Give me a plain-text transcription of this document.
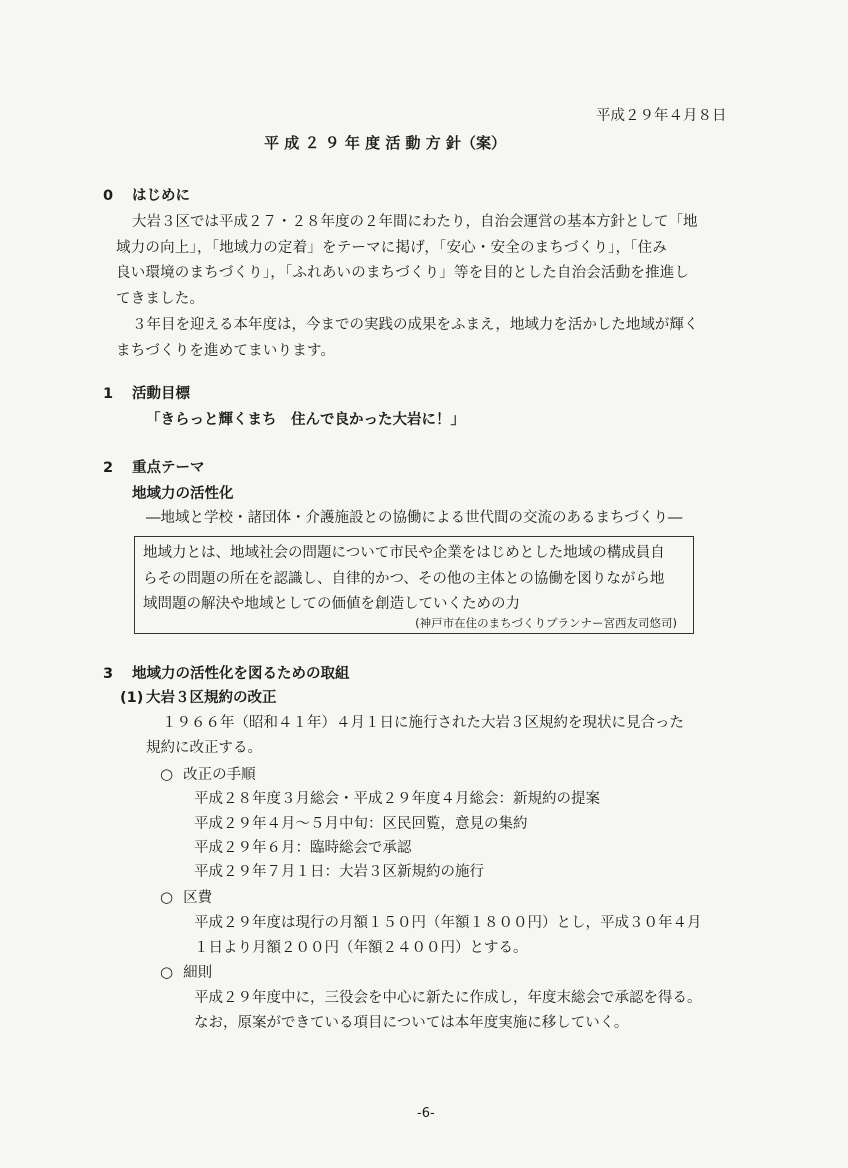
平成２９年４月８日
平 成 ２ ９ 年 度 活 動 方 針（案）
0 はじめに
大岩３区では平成２７・２８年度の２年間にわたり，自治会運営の基本方針として「地
域力の向上」，「地域力の定着」をテーマに掲げ，「安心・安全のまちづくり」，「住み
良い環境のまちづくり」，「ふれあいのまちづくり」等を目的とした自治会活動を推進し
てきました。
３年目を迎える本年度は，今までの実践の成果をふまえ，地域力を活かした地域が輝く
まちづくりを進めてまいります。
1 活動目標
「きらっと輝くまち　住んで良かった大岩に！」
2 重点テーマ
地域力の活性化
―地域と学校・諸団体・介護施設との協働による世代間の交流のあるまちづくり―
地域力とは、地域社会の問題について市民や企業をはじめとした地域の構成員自
らその問題の所在を認識し、自律的かつ、その他の主体との協働を図りながら地
域問題の解決や地域としての価値を創造していくための力
(神戸市在住のまちづくりプランナー宮西友司悠司)
3 地域力の活性化を図るための取組
(1) 大岩３区規約の改正
１９６６年（昭和４１年）４月１日に施行された大岩３区規約を現状に見合った
規約に改正する。
○ 改正の手順
平成２８年度３月総会・平成２９年度４月総会：新規約の提案
平成２９年４月～５月中旬：区民回覧，意見の集約
平成２９年６月：臨時総会で承認
平成２９年７月１日：大岩３区新規約の施行
○ 区費
平成２９年度は現行の月額１５０円（年額１８００円）とし，平成３０年４月
１日より月額２００円（年額２４００円）とする。
○ 細則
平成２９年度中に，三役会を中心に新たに作成し，年度末総会で承認を得る。
なお，原案ができている項目については本年度実施に移していく。
-6-
